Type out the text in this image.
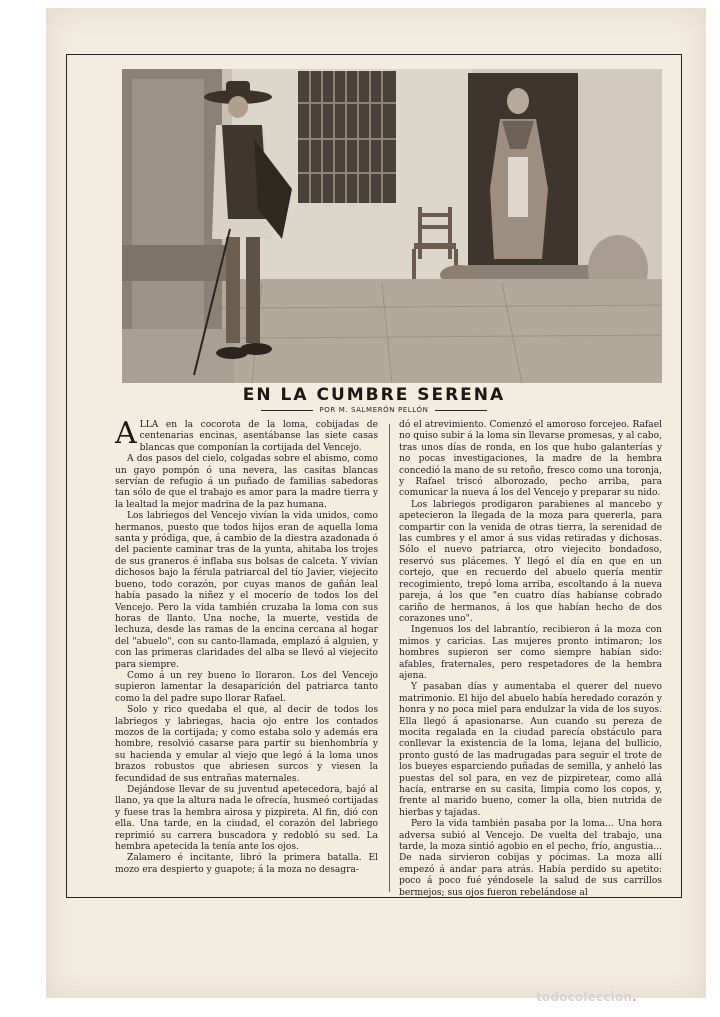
EN LA CUMBRE SERENA
POR M. SALMERÓN PELLÓN

ALLA en la cocorota de la loma, cobijadas de centenarias encinas, asentábanse las siete casas blancas que componían la cortijada del Vencejo.

A dos pasos del cielo, colgadas sobre el abismo, como un gayo pompón ó una nevera, las casitas blancas servían de refugio á un puñado de familias sabedoras tan sólo de que el trabajo es amor para la madre tierra y la lealtad la mejor madrina de la paz humana.

Los labriegos del Vencejo vivían la vida unidos, como hermanos, puesto que todos hijos eran de aquella loma santa y pródiga, que, á cambio de la diestra azadonada ó del paciente caminar tras de la yunta, ahitaba los trojes de sus graneros é inflaba sus bolsas de calceta. Y vivían dichosos bajo la férula patriarcal del tío Javier, viejecito bueno, todo corazón, por cuyas manos de gañán leal había pasado la niñez y el mocerío de todos los del Vencejo. Pero la vida también cruzaba la loma con sus horas de llanto. Una noche, la muerte, vestida de lechuza, desde las ramas de la encina cercana al hogar del "abuelo", con su canto-llamada, emplazó á alguien, y con las primeras claridades del alba se llevó al viejecito para siempre.

Como á un rey bueno lo lloraron. Los del Vencejo supieron lamentar la desaparición del patriarca tanto como la del padre supo llorar Rafael.

Solo y rico quedaba el que, al decir de todos los labriegos y labriegas, hacia ojo entre los contados mozos de la cortijada; y como estaba solo y además era hombre, resolvió casarse para partir su bienhombría y su hacienda y emular al viejo que legó á la loma unos brazos robustos que abriesen surcos y viesen la fecundidad de sus entrañas maternales.

Dejándose llevar de su juventud apetecedora, bajó al llano, ya que la altura nada le ofrecía, husmeó cortijadas y fuese tras la hembra airosa y pizpireta. Al fin, dió con ella. Una tarde, en la ciudad, el corazón del labriego reprimió su carrera buscadora y redobló su sed. La hembra apetecida la tenía ante los ojos.

Zalamero é incitante, libró la primera batalla. El mozo era despierto y guapote; á la moza no desagra-

dó el atrevimiento. Comenzó el amoroso forcejeo. Rafael no quiso subir á la loma sin llevarse promesas, y al cabo, tras unos días de ronda, en los que hubo galanterías y no pocas investigaciones, la madre de la hembra concedió la mano de su retoño, fresco como una toronja, y Rafael triscó alborozado, pecho arriba, para comunicar la nueva á los del Vencejo y preparar su nido.

Los labriegos prodigaron parabienes al mancebo y apetecieron la llegada de la moza para quererla, para compartir con la venida de otras tierra, la serenidad de las cumbres y el amor á sus vidas retiradas y dichosas. Sólo el nuevo patriarca, otro viejecito bondadoso, reservó sus plácemes. Y llegó el día en que en un cortejo, que en recuerdo del abuelo quería mentir recogimiento, trepó loma arriba, escoltando á la nueva pareja, á los que "en cuatro días habíanse cobrado cariño de hermanos, á los que habían hecho de dos corazones uno".

Ingenuos los del labrantío, recibieron á la moza con mimos y caricias. Las mujeres pronto intimaron; los hombres supieron ser como siempre habían sido: afables, fraternales, pero respetadores de la hembra ajena.

Y pasaban días y aumentaba el querer del nuevo matrimonio. El hijo del abuelo había heredado corazón y honra y no poca miel para endulzar la vida de los suyos. Ella llegó á apasionarse. Aun cuando su pereza de mocita regalada en la ciudad parecía obstáculo para conllevar la existencia de la loma, lejana del bullicio, pronto gustó de las madrugadas para seguir el trote de los bueyes esparciendo puñadas de semilla, y anheló las puestas del sol para, en vez de pizpiretear, como allá hacía, entrarse en su casita, limpia como los copos, y, frente al marido bueno, comer la olla, bien nutrida de hierbas y tajadas.

Pero la vida también pasaba por la loma... Una hora adversa subió al Vencejo. De vuelta del trabajo, una tarde, la moza sintió agobio en el pecho, frío, angustia... De nada sirvieron cobijas y pócimas. La moza allí empezó á andar para atrás. Había perdido su apetito: poco á poco fué yéndosele la salud de sus carrillos bermejos; sus ojos fueron rebelándose al

todocoleccion.
